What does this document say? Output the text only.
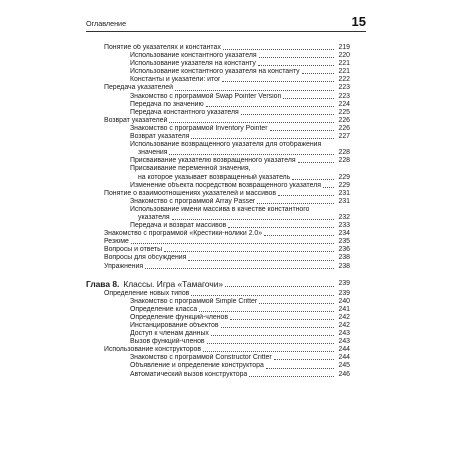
Оглавление	15
Понятие об указателях и константах	219
Использование константного указателя	220
Использование указателя на константу	221
Использование константного указателя на константу	221
Константы и указатели: итог	222
Передача указателей	223
Знакомство с программой Swap Pointer Version	223
Передача по значению	224
Передача константного указателя	225
Возврат указателей	226
Знакомство с программой Inventory Pointer	226
Возврат указателя	227
Использование возвращенного указателя для отображения
значения	228
Присваивание указателю возвращенного указателя	228
Присваивание переменной значения,
на которое указывает возвращенный указатель	229
Изменение объекта посредством возвращенного указателя	229
Понятие о взаимоотношениях указателей и массивов	231
Знакомство с программой Array Passer	231
Использование имени массива в качестве константного
указателя	232
Передача и возврат массивов	233
Знакомство с программой «Крестики-нолики 2.0»	234
Резюме	235
Вопросы и ответы	236
Вопросы для обсуждения	238
Упражнения	238
Глава 8. Классы. Игра «Тамагочи»	239
Определение новых типов	239
Знакомство с программой Simple Critter	240
Определение класса	241
Определение функций-членов	242
Инстанцирование объектов	242
Доступ к членам данных	243
Вызов функций-членов	243
Использование конструкторов	244
Знакомство с программой Constructor Critter	244
Объявление и определение конструктора	245
Автоматический вызов конструктора	246
